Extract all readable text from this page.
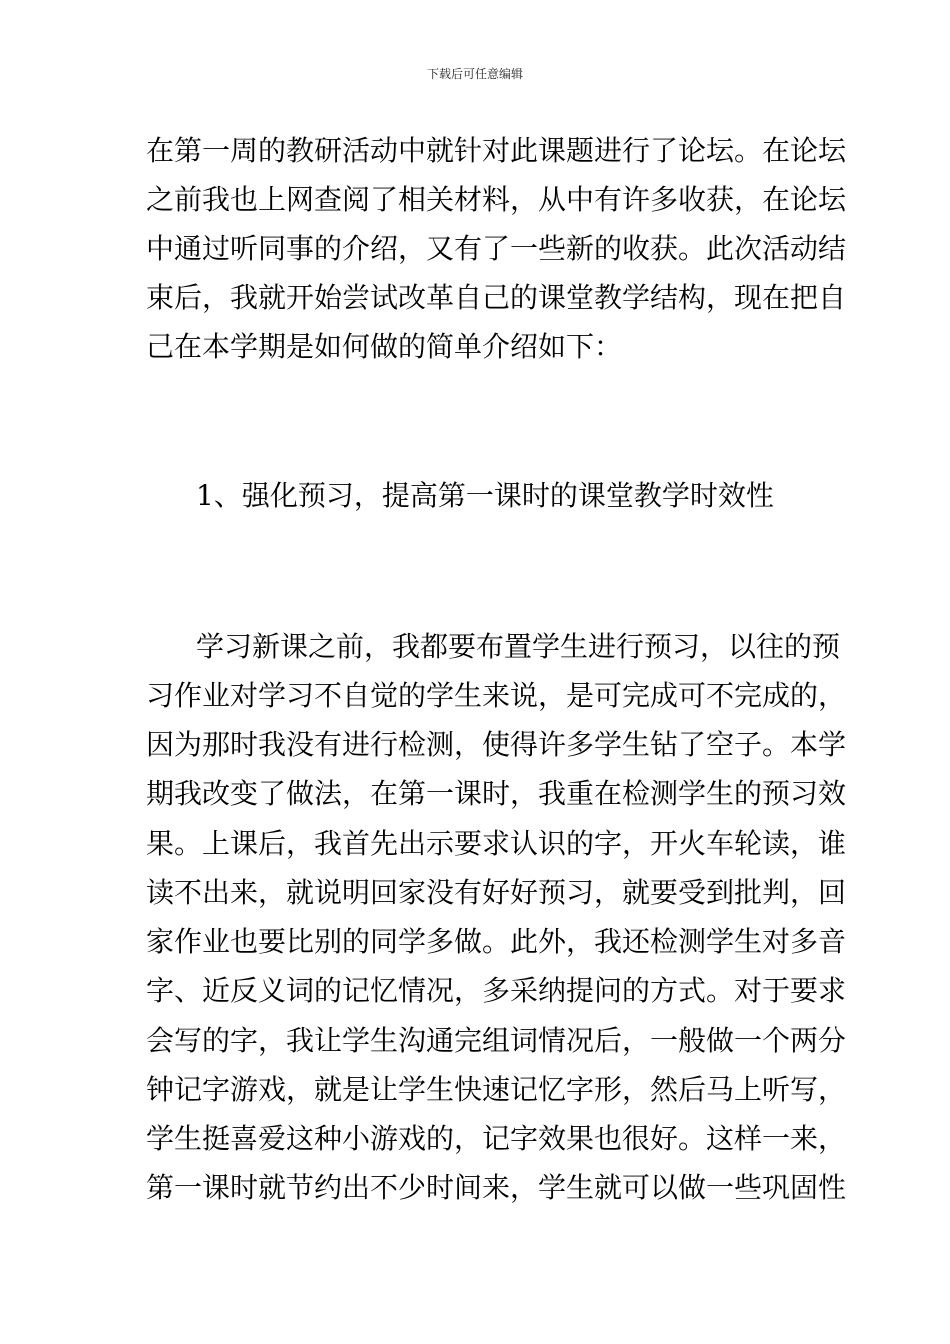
下载后可任意编辑
在第一周的教研活动中就针对此课题进行了论坛。在论坛
之前我也上网查阅了相关材料，从中有许多收获，在论坛
中通过听同事的介绍，又有了一些新的收获。此次活动结
束后，我就开始尝试改革自己的课堂教学结构，现在把自
己在本学期是如何做的简单介绍如下：
1、强化预习，提高第一课时的课堂教学时效性
学习新课之前，我都要布置学生进行预习，以往的预
习作业对学习不自觉的学生来说，是可完成可不完成的，
因为那时我没有进行检测，使得许多学生钻了空子。本学
期我改变了做法，在第一课时，我重在检测学生的预习效
果。上课后，我首先出示要求认识的字，开火车轮读，谁
读不出来，就说明回家没有好好预习，就要受到批判，回
家作业也要比别的同学多做。此外，我还检测学生对多音
字、近反义词的记忆情况，多采纳提问的方式。对于要求
会写的字，我让学生沟通完组词情况后，一般做一个两分
钟记字游戏，就是让学生快速记忆字形，然后马上听写，
学生挺喜爱这种小游戏的，记字效果也很好。这样一来，
第一课时就节约出不少时间来，学生就可以做一些巩固性
